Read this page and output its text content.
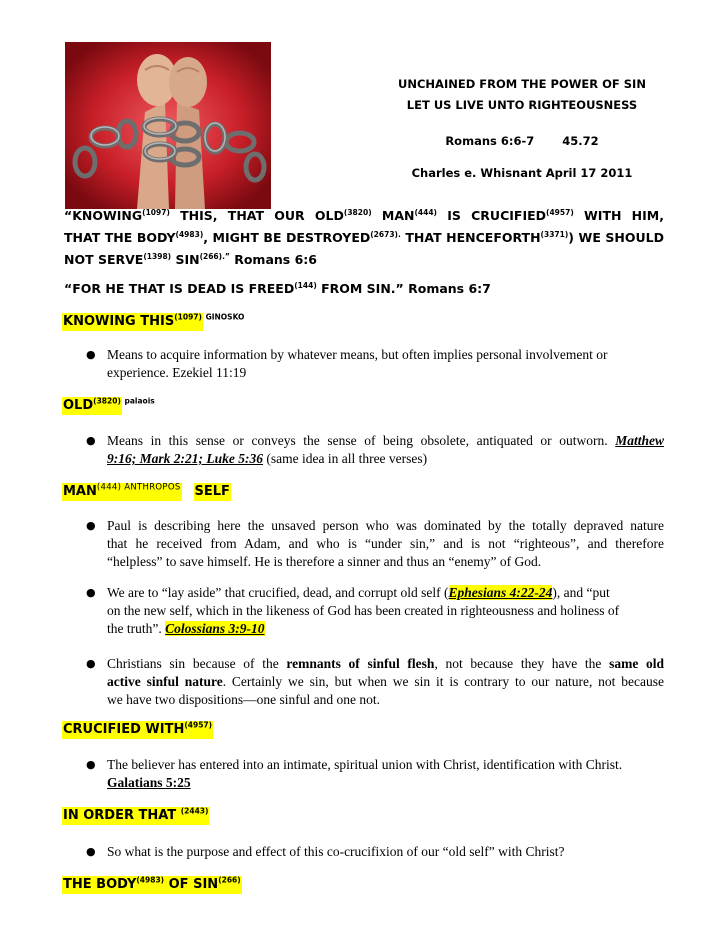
UNCHAINED FROM THE POWER OF SIN
LET US LIVE UNTO RIGHTEOUSNESS
Romans 6:6-7       45.72
Charles e. Whisnant April 17 2011
“$KNOWING^{(1097)}$ THIS, THAT OUR $OLD^{(3820)}$ MAN$^{(444)}$ IS $CRUCIFIED^{(4957)}$ WITH HIM,
THAT THE $BODY^{(4983)}$, MIGHT BE $DESTROYED^{(2673).}$ THAT $HENCEFORTH^{(3371)}$) WE SHOULD
NOT $SERVE^{(1398)}$ $SIN^{(266).”}$ Romans 6:6
“FOR HE THAT IS DEAD IS FREED$^{(144)}$ FROM SIN.” Romans 6:7
KNOWING $THIS^{(1097)}$ $^{GINOSKO}$
● Means to acquire information by whatever means, but often implies personal involvement or
experience. Ezekiel 11:19
$OLD^{(3820)}$ $^{palaois}$
● Means in this sense or conveys the sense of being obsolete, antiquated or outworn. Matthew
9:16; Mark 2:21; Luke 5:36 (same idea in all three verses)
MAN$^{(444)}$ $^{ANTHROPOS}$ SELF
● Paul is describing here the unsaved person who was dominated by the totally depraved nature
that he received from Adam, and who is “under sin,” and is not “righteous”, and therefore
“helpless” to save himself. He is therefore a sinner and thus an “enemy” of God.
● We are to “lay aside” that crucified, dead, and corrupt old self (Ephesians 4:22-24), and “put
on the new self, which in the likeness of God has been created in righteousness and holiness of
the truth”. Colossians 3:9-10
● Christians sin because of the remnants of sinful flesh, not because they have the same old
active sinful nature. Certainly we sin, but when we sin it is contrary to our nature, not because
we have two dispositions—one sinful and one not.
CRUCIFIED $WITH^{(4957)}$
● The believer has entered into an intimate, spiritual union with Christ, identification with Christ.
Galatians 5:25
IN ORDER THAT $^{(2443)}$
● So what is the purpose and effect of this co-crucifixion of our “old self” with Christ?
THE $BODY^{(4983)}$ OF SIN$^{(266)}$
